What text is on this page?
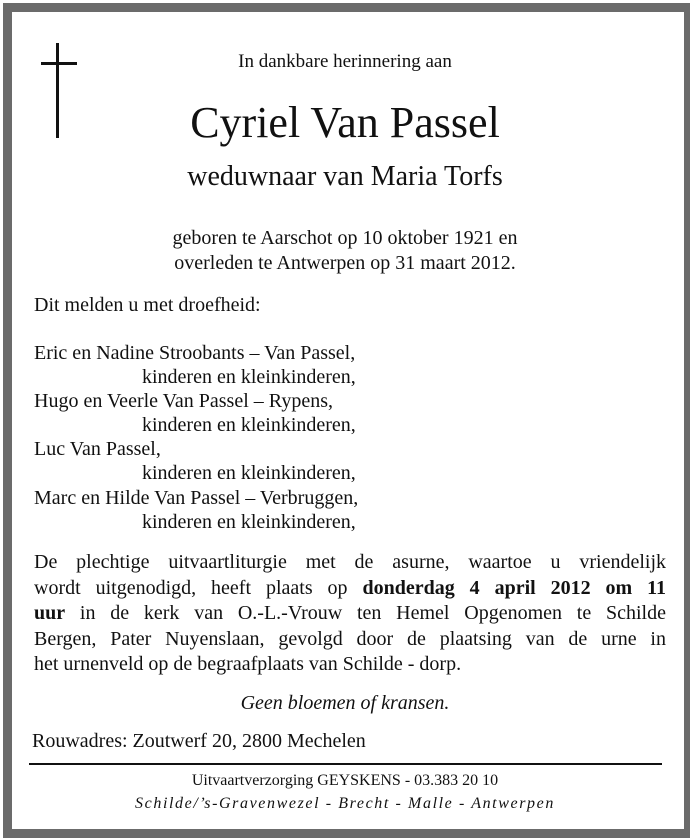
In dankbare herinnering aan
Cyriel Van Passel
weduwnaar van Maria Torfs
geboren te Aarschot op 10 oktober 1921 en
overleden te Antwerpen op 31 maart 2012.
Dit melden u met droefheid:
Eric en Nadine Stroobants – Van Passel,
kinderen en kleinkinderen,
Hugo en Veerle Van Passel – Rypens,
kinderen en kleinkinderen,
Luc Van Passel,
kinderen en kleinkinderen,
Marc en Hilde Van Passel – Verbruggen,
kinderen en kleinkinderen,
De plechtige uitvaartliturgie met de asurne, waartoe u vriendelijk
wordt uitgenodigd, heeft plaats op donderdag 4 april 2012 om 11
uur in de kerk van O.-L.-Vrouw ten Hemel Opgenomen te Schilde
Bergen, Pater Nuyenslaan, gevolgd door de plaatsing van de urne in
het urnenveld op de begraafplaats van Schilde - dorp.
Geen bloemen of kransen.
Rouwadres: Zoutwerf 20, 2800 Mechelen
Uitvaartverzorging GEYSKENS - 03.383 20 10
Schilde/’s-Gravenwezel - Brecht - Malle - Antwerpen
